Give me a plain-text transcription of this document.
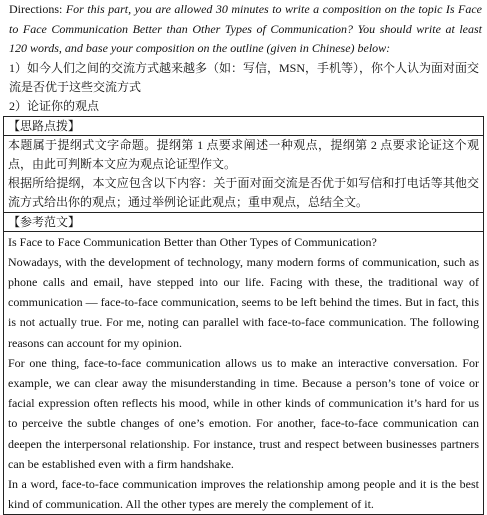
Directions: For this part, you are allowed 30 minutes to write a composition on the topic Is Face to Face Communication Better than Other Types of Communication? You should write at least 120 words, and base your composition on the outline (given in Chinese) below:

1）如今人们之间的交流方式越来越多（如：写信，MSN，手机等），你个人认为面对面交流是否优于这些交流方式

2）论证你的观点

【思路点拨】

本题属于提纲式文字命题。提纲第 1 点要求阐述一种观点，提纲第 2 点要求论证这个观点，由此可判断本文应为观点论证型作文。

根据所给提纲，本文应包含以下内容：关于面对面交流是否优于如写信和打电话等其他交流方式给出你的观点；通过举例论证此观点；重申观点，总结全文。

【参考范文】

Is Face to Face Communication Better than Other Types of Communication?

Nowadays, with the development of technology, many modern forms of communication, such as phone calls and email, have stepped into our life. Facing with these, the traditional way of communication — face-to-face communication, seems to be left behind the times. But in fact, this is not actually true. For me, noting can parallel with face-to-face communication. The following reasons can account for my opinion.

For one thing, face-to-face communication allows us to make an interactive conversation. For example, we can clear away the misunderstanding in time. Because a person’s tone of voice or facial expression often reflects his mood, while in other kinds of communication it’s hard for us to perceive the subtle changes of one’s emotion. For another, face-to-face communication can deepen the interpersonal relationship. For instance, trust and respect between businesses partners can be established even with a firm handshake.

In a word, face-to-face communication improves the relationship among people and it is the best kind of communication. All the other types are merely the complement of it.
